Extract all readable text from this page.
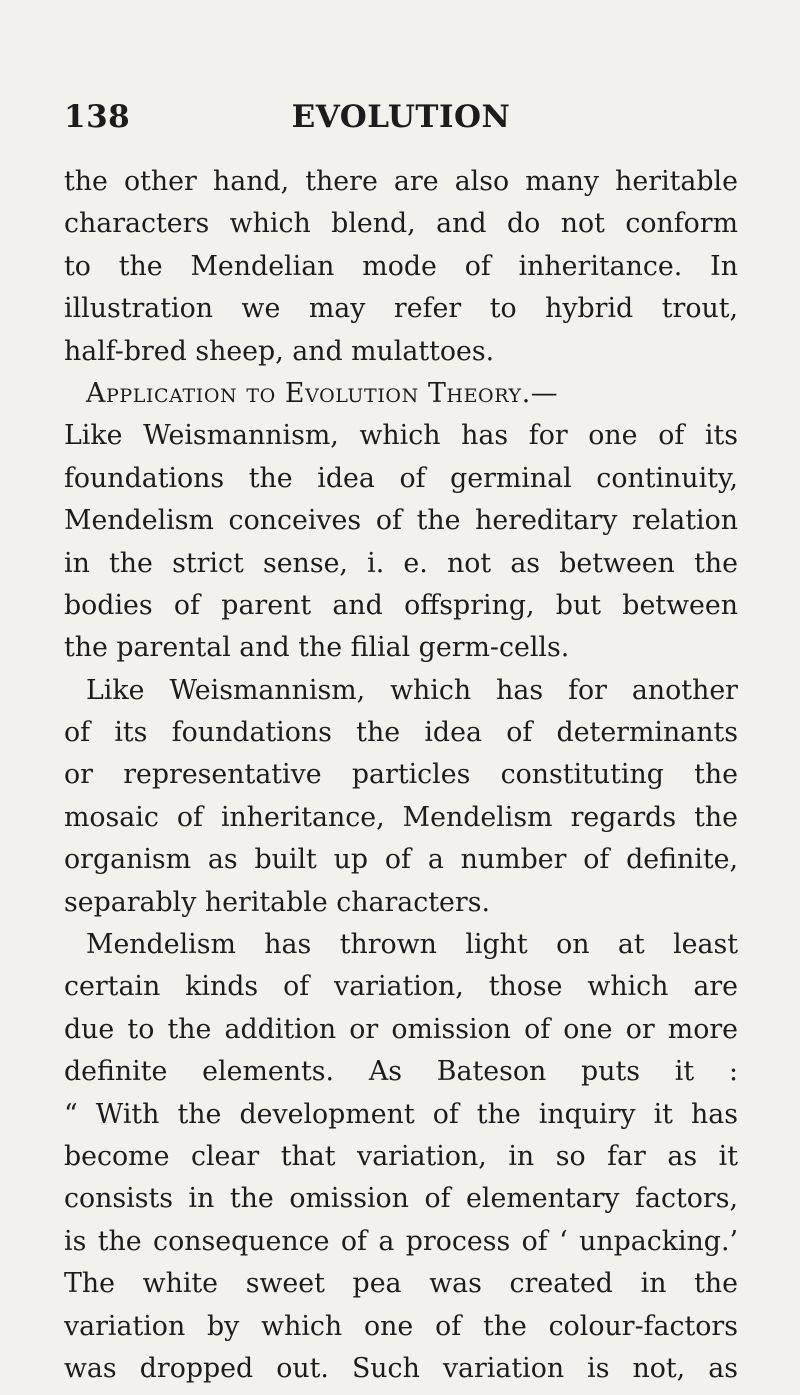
138	EVOLUTION
the other hand, there are also many heritable
characters which blend, and do not conform
to the Mendelian mode of inheritance. In
illustration we may refer to hybrid trout,
half-bred sheep, and mulattoes.
Application to Evolution Theory.—
Like Weismannism, which has for one of its
foundations the idea of germinal continuity,
Mendelism conceives of the hereditary relation
in the strict sense, i. e. not as between the
bodies of parent and offspring, but between
the parental and the filial germ-cells.
Like Weismannism, which has for another
of its foundations the idea of determinants
or representative particles constituting the
mosaic of inheritance, Mendelism regards the
organism as built up of a number of definite,
separably heritable characters.
Mendelism has thrown light on at least
certain kinds of variation, those which are
due to the addition or omission of one or more
definite elements. As Bateson puts it :
“ With the development of the inquiry it has
become clear that variation, in so far as it
consists in the omission of elementary factors,
is the consequence of a process of ‘ unpacking.’
The white sweet pea was created in the
variation by which one of the colour-factors
was dropped out. Such variation is not, as
